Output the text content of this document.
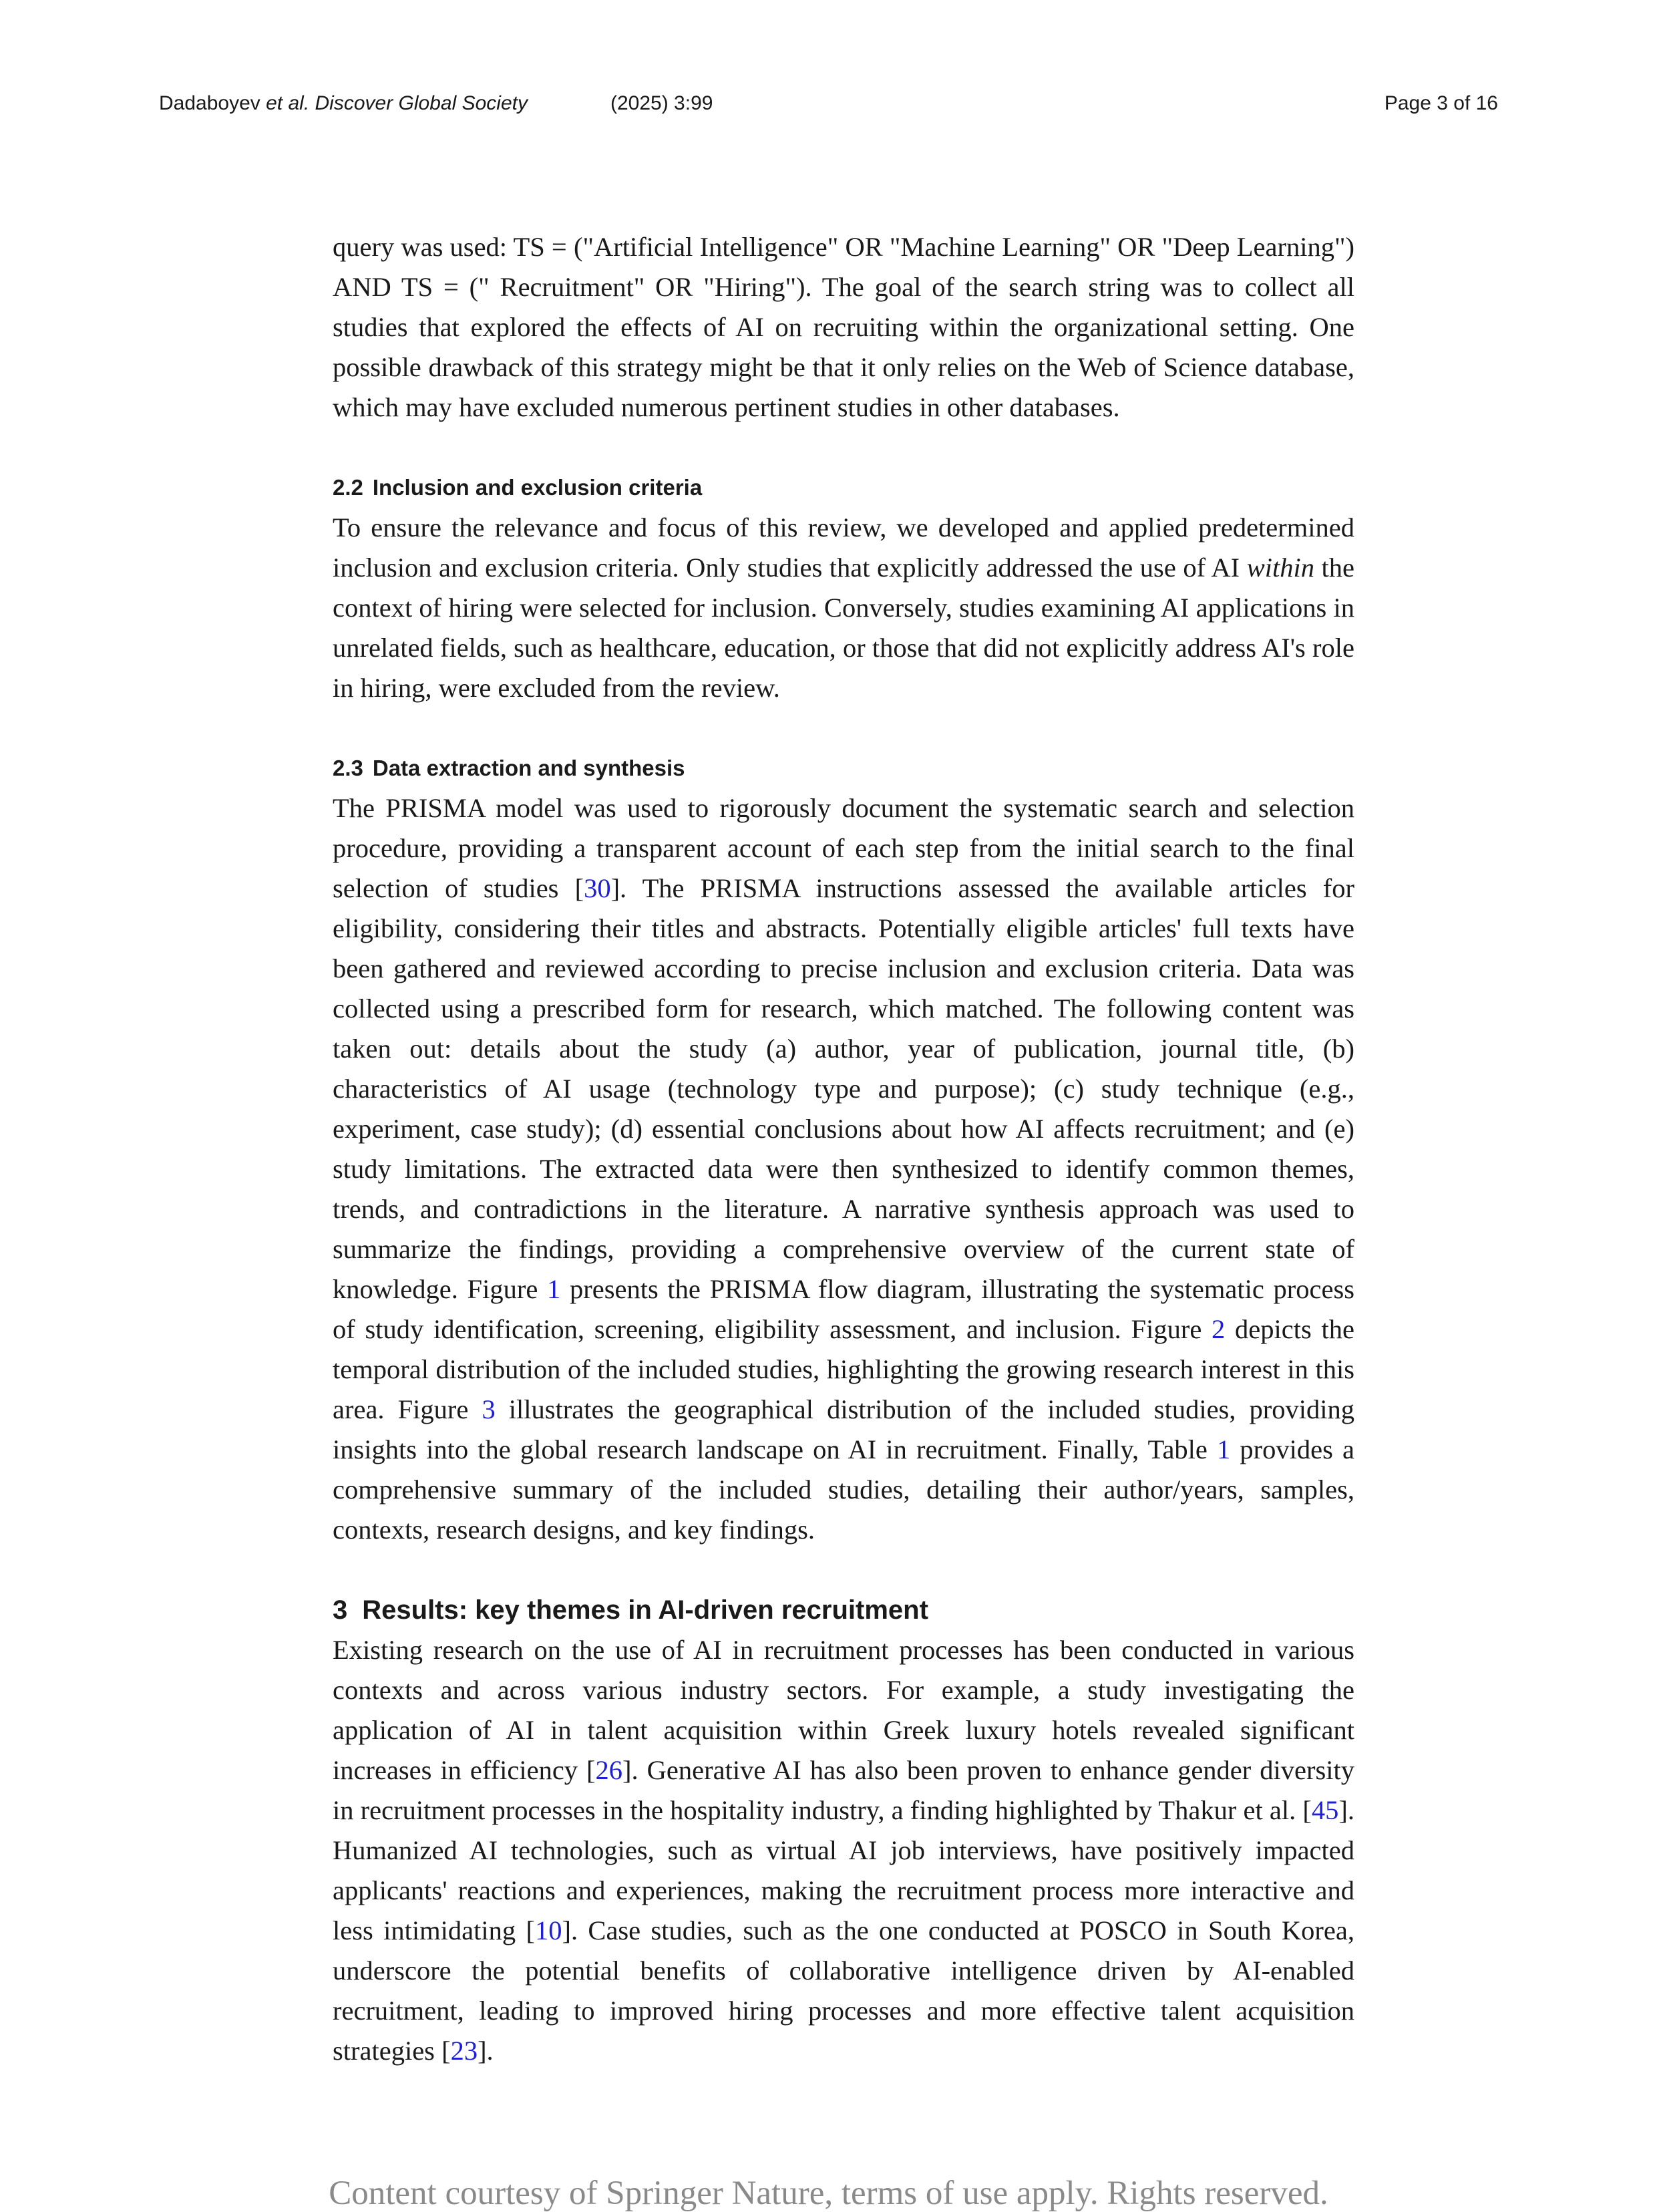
Dadaboyev et al. Discover Global Society	(2025) 3:99	Page 3 of 16

query was used: TS = ("Artificial Intelligence" OR "Machine Learning" OR "Deep Learning") AND TS = (" Recruitment" OR "Hiring"). The goal of the search string was to collect all studies that explored the effects of AI on recruiting within the organizational setting. One possible drawback of this strategy might be that it only relies on the Web of Science database, which may have excluded numerous pertinent studies in other databases.

2.2 Inclusion and exclusion criteria

To ensure the relevance and focus of this review, we developed and applied predetermined inclusion and exclusion criteria. Only studies that explicitly addressed the use of AI within the context of hiring were selected for inclusion. Conversely, studies examining AI applications in unrelated fields, such as healthcare, education, or those that did not explicitly address AI's role in hiring, were excluded from the review.

2.3 Data extraction and synthesis

The PRISMA model was used to rigorously document the systematic search and selection procedure, providing a transparent account of each step from the initial search to the final selection of studies [30]. The PRISMA instructions assessed the available articles for eligibility, considering their titles and abstracts. Potentially eligible articles' full texts have been gathered and reviewed according to precise inclusion and exclusion criteria. Data was collected using a prescribed form for research, which matched. The following content was taken out: details about the study (a) author, year of publication, journal title, (b) characteristics of AI usage (technology type and purpose); (c) study technique (e.g., experiment, case study); (d) essential conclusions about how AI affects recruitment; and (e) study limitations. The extracted data were then synthesized to identify common themes, trends, and contradictions in the literature. A narrative synthesis approach was used to summarize the findings, providing a comprehensive overview of the current state of knowledge. Figure 1 presents the PRISMA flow diagram, illustrating the systematic process of study identification, screening, eligibility assessment, and inclusion. Figure 2 depicts the temporal distribution of the included studies, highlighting the growing research interest in this area. Figure 3 illustrates the geographical distribution of the included studies, providing insights into the global research landscape on AI in recruitment. Finally, Table 1 provides a comprehensive summary of the included studies, detailing their author/years, samples, contexts, research designs, and key findings.

3 Results: key themes in AI-driven recruitment

Existing research on the use of AI in recruitment processes has been conducted in various contexts and across various industry sectors. For example, a study investigating the application of AI in talent acquisition within Greek luxury hotels revealed significant increases in efficiency [26]. Generative AI has also been proven to enhance gender diversity in recruitment processes in the hospitality industry, a finding highlighted by Thakur et al. [45]. Humanized AI technologies, such as virtual AI job interviews, have positively impacted applicants' reactions and experiences, making the recruitment process more interactive and less intimidating [10]. Case studies, such as the one conducted at POSCO in South Korea, underscore the potential benefits of collaborative intelligence driven by AI-enabled recruitment, leading to improved hiring processes and more effective talent acquisition strategies [23].

Content courtesy of Springer Nature, terms of use apply. Rights reserved.
